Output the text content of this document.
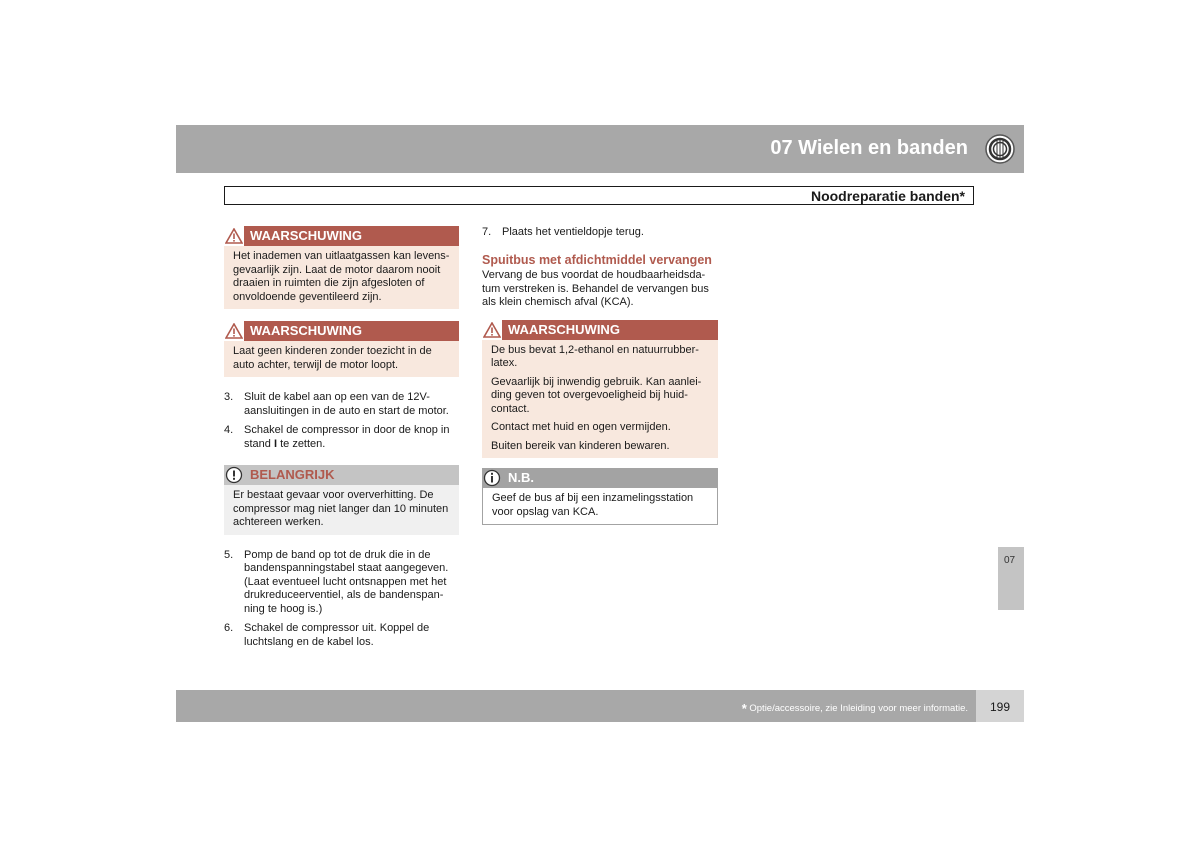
07 Wielen en banden
Noodreparatie banden*
WAARSCHUWING

Het inademen van uitlaatgassen kan levens-gevaarlijk zijn. Laat de motor daarom nooit draaien in ruimten die zijn afgesloten of onvoldoende geventileerd zijn.

WAARSCHUWING

Laat geen kinderen zonder toezicht in de auto achter, terwijl de motor loopt.

3. Sluit de kabel aan op een van de 12V-aansluitingen in de auto en start de motor.
4. Schakel de compressor in door de knop in stand I te zetten.
BELANGRIJK

Er bestaat gevaar voor oververhitting. De compressor mag niet langer dan 10 minuten achtereen werken.

5. Pomp de band op tot de druk die in de bandenspanningstabel staat aangegeven. (Laat eventueel lucht ontsnappen met het drukreduceerventiel, als de bandenspan-ning te hoog is.)
6. Schakel de compressor uit. Koppel de luchtslang en de kabel los.
7. Plaats het ventieldopje terug.
Spuitbus met afdichtmiddel vervangen

Vervang de bus voordat de houdbaarheidsda-tum verstreken is. Behandel de vervangen bus als klein chemisch afval (KCA).

WAARSCHUWING

De bus bevat 1,2-ethanol en natuurrubber-latex.

Gevaarlijk bij inwendig gebruik. Kan aanlei-ding geven tot overgevoeligheid bij huid-contact.

Contact met huid en ogen vermijden.

Buiten bereik van kinderen bewaren.

N.B.

Geef de bus af bij een inzamelingsstation voor opslag van KCA.

07
* Optie/accessoire, zie Inleiding voor meer informatie. 199
